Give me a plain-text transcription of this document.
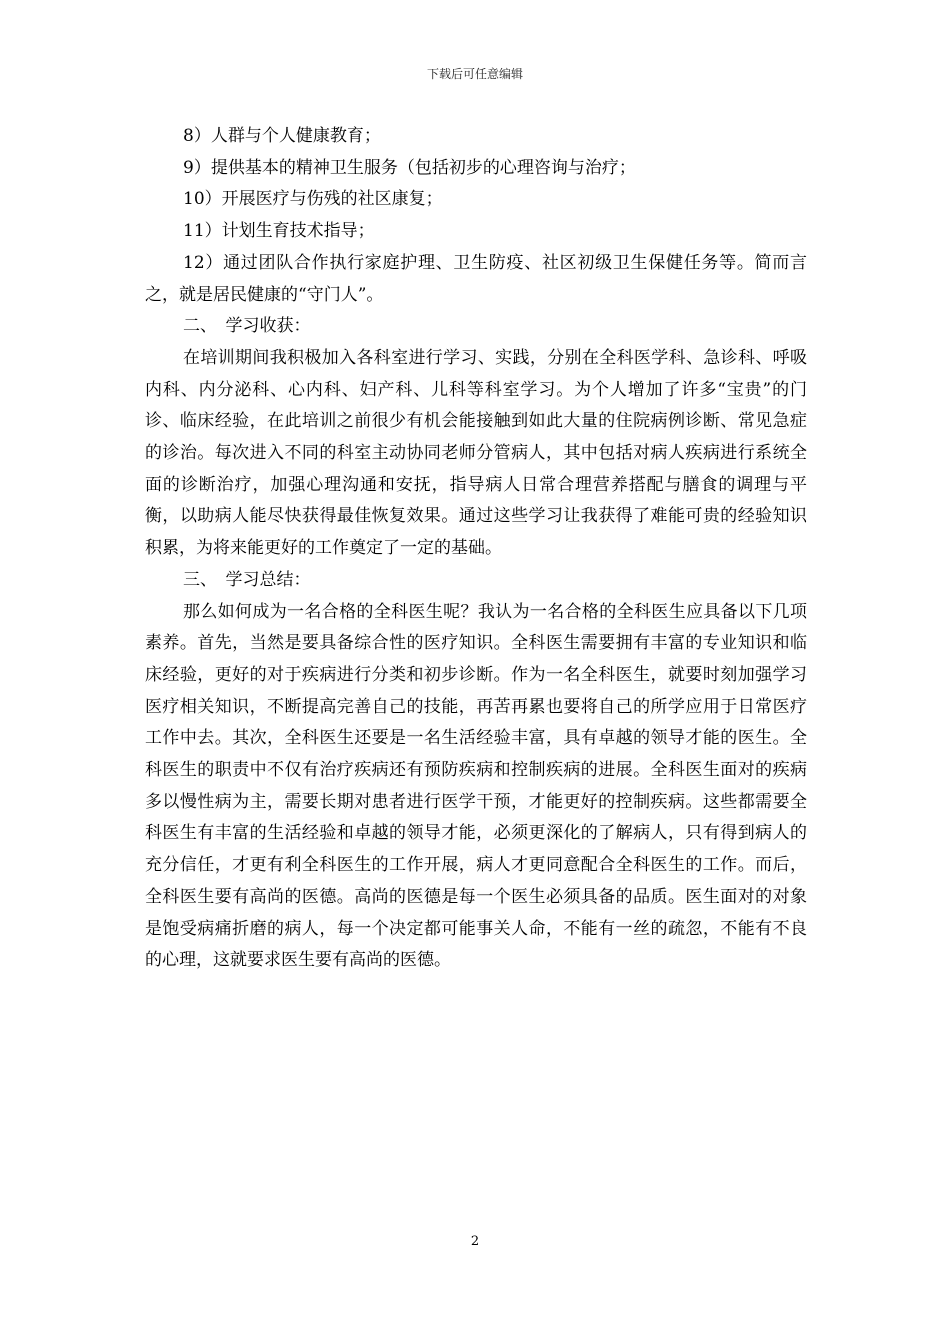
下载后可任意编辑

8）人群与个人健康教育；

9）提供基本的精神卫生服务（包括初步的心理咨询与治疗；

10）开展医疗与伤残的社区康复；

11）计划生育技术指导；

12）通过团队合作执行家庭护理、卫生防疫、社区初级卫生保健任务等。简而言之，就是居民健康的“守门人”。

二、　学习收获：

在培训期间我积极加入各科室进行学习、实践，分别在全科医学科、急诊科、呼吸内科、内分泌科、心内科、妇产科、儿科等科室学习。为个人增加了许多“宝贵”的门诊、临床经验，在此培训之前很少有机会能接触到如此大量的住院病例诊断、常见急症的诊治。每次进入不同的科室主动协同老师分管病人，其中包括对病人疾病进行系统全面的诊断治疗，加强心理沟通和安抚，指导病人日常合理营养搭配与膳食的调理与平衡，以助病人能尽快获得最佳恢复效果。通过这些学习让我获得了难能可贵的经验知识积累，为将来能更好的工作奠定了一定的基础。

三、　学习总结：

那么如何成为一名合格的全科医生呢？我认为一名合格的全科医生应具备以下几项素养。首先，当然是要具备综合性的医疗知识。全科医生需要拥有丰富的专业知识和临床经验，更好的对于疾病进行分类和初步诊断。作为一名全科医生，就要时刻加强学习医疗相关知识，不断提高完善自己的技能，再苦再累也要将自己的所学应用于日常医疗工作中去。其次，全科医生还要是一名生活经验丰富，具有卓越的领导才能的医生。全科医生的职责中不仅有治疗疾病还有预防疾病和控制疾病的进展。全科医生面对的疾病多以慢性病为主，需要长期对患者进行医学干预，才能更好的控制疾病。这些都需要全科医生有丰富的生活经验和卓越的领导才能，必须更深化的了解病人，只有得到病人的充分信任，才更有利全科医生的工作开展，病人才更同意配合全科医生的工作。而后，全科医生要有高尚的医德。高尚的医德是每一个医生必须具备的品质。医生面对的对象是饱受病痛折磨的病人，每一个决定都可能事关人命，不能有一丝的疏忽，不能有不良的心理，这就要求医生要有高尚的医德。

2
